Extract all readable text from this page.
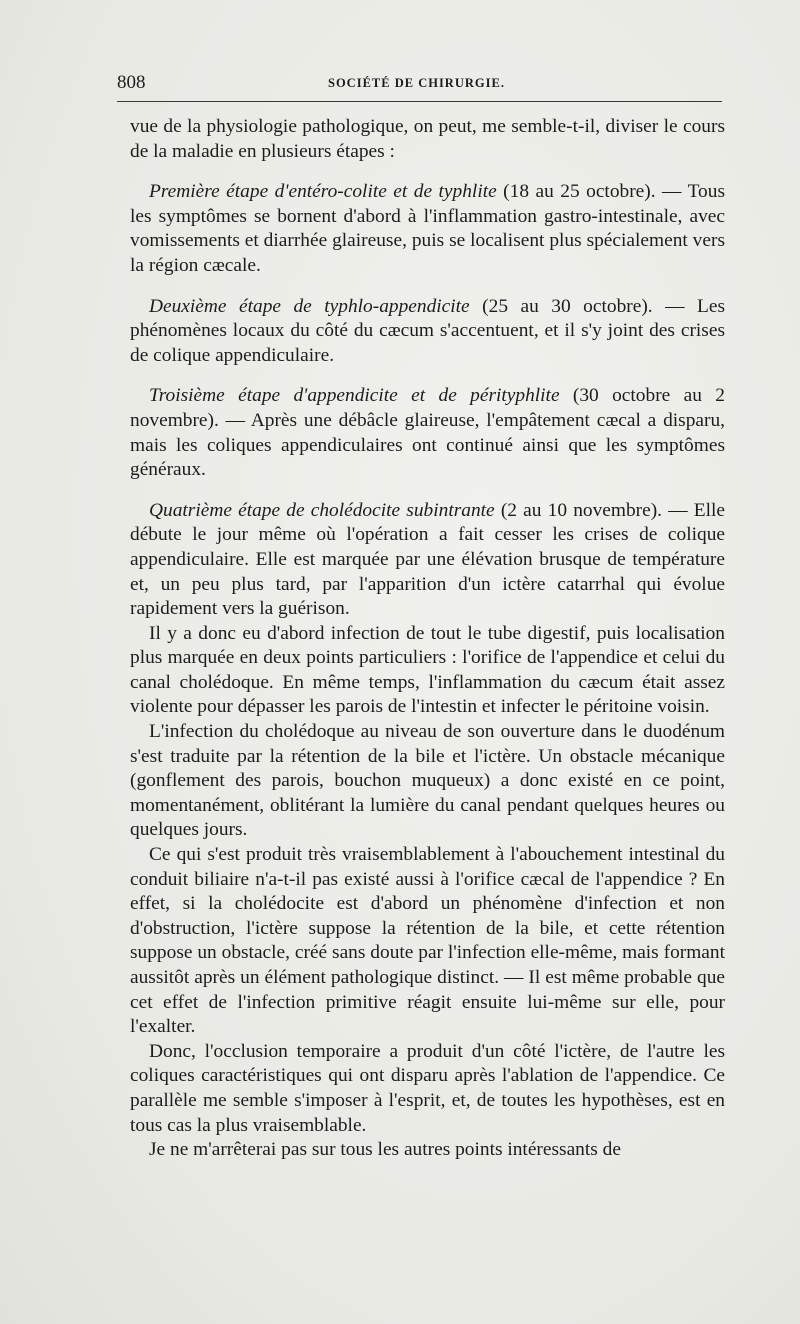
808	SOCIÉTÉ DE CHIRURGIE.

vue de la physiologie pathologique, on peut, me semble-t-il, diviser le cours de la maladie en plusieurs étapes :

Première étape d'entéro-colite et de typhlite (18 au 25 octobre). — Tous les symptômes se bornent d'abord à l'inflammation gastro-intestinale, avec vomissements et diarrhée glaireuse, puis se localisent plus spécialement vers la région cæcale.

Deuxième étape de typhlo-appendicite (25 au 30 octobre). — Les phénomènes locaux du côté du cæcum s'accentuent, et il s'y joint des crises de colique appendiculaire.

Troisième étape d'appendicite et de pérityphlite (30 octobre au 2 novembre). — Après une débâcle glaireuse, l'empâtement cæcal a disparu, mais les coliques appendiculaires ont continué ainsi que les symptômes généraux.

Quatrième étape de cholédocite subintrante (2 au 10 novembre). — Elle débute le jour même où l'opération a fait cesser les crises de colique appendiculaire. Elle est marquée par une élévation brusque de température et, un peu plus tard, par l'apparition d'un ictère catarrhal qui évolue rapidement vers la guérison.

Il y a donc eu d'abord infection de tout le tube digestif, puis localisation plus marquée en deux points particuliers : l'orifice de l'appendice et celui du canal cholédoque. En même temps, l'inflammation du cæcum était assez violente pour dépasser les parois de l'intestin et infecter le péritoine voisin.

L'infection du cholédoque au niveau de son ouverture dans le duodénum s'est traduite par la rétention de la bile et l'ictère. Un obstacle mécanique (gonflement des parois, bouchon muqueux) a donc existé en ce point, momentanément, oblitérant la lumière du canal pendant quelques heures ou quelques jours.

Ce qui s'est produit très vraisemblablement à l'abouchement intestinal du conduit biliaire n'a-t-il pas existé aussi à l'orifice cæcal de l'appendice ? En effet, si la cholédocite est d'abord un phénomène d'infection et non d'obstruction, l'ictère suppose la rétention de la bile, et cette rétention suppose un obstacle, créé sans doute par l'infection elle-même, mais formant aussitôt après un élément pathologique distinct. — Il est même probable que cet effet de l'infection primitive réagit ensuite lui-même sur elle, pour l'exalter.

Donc, l'occlusion temporaire a produit d'un côté l'ictère, de l'autre les coliques caractéristiques qui ont disparu après l'ablation de l'appendice. Ce parallèle me semble s'imposer à l'esprit, et, de toutes les hypothèses, est en tous cas la plus vraisemblable.

Je ne m'arrêterai pas sur tous les autres points intéressants de
